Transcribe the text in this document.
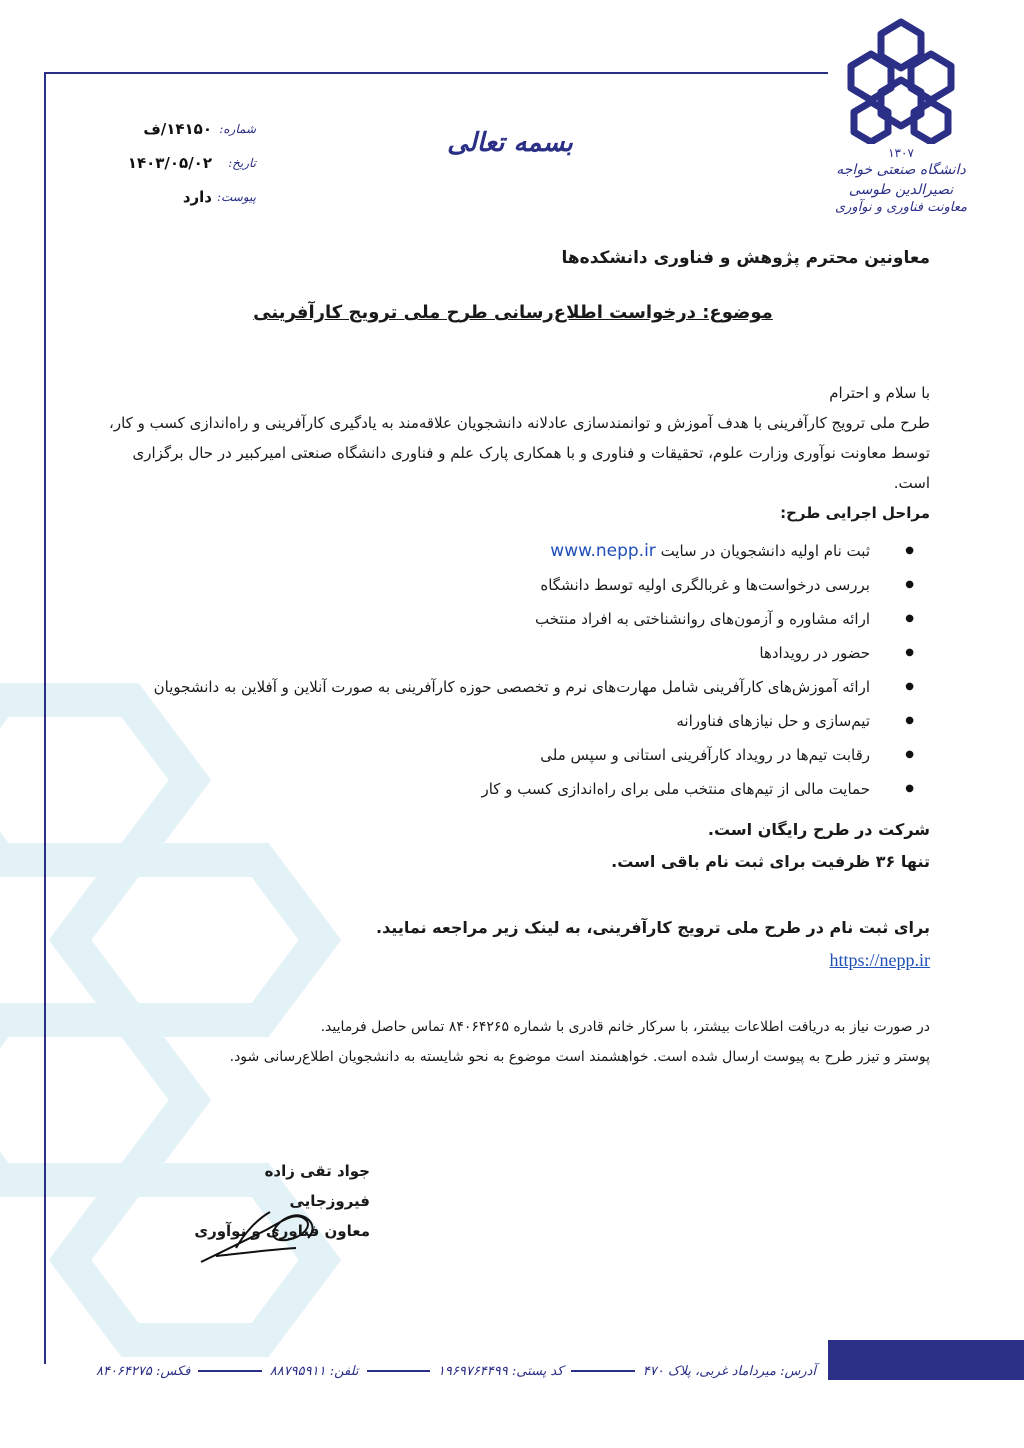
۱۳۰۷
دانشگاه صنعتی خواجه نصیرالدین طوسی
معاونت فناوری و نوآوری
بسمه تعالی
شماره:
۱۴۱۵۰/ف
تاریخ:
۱۴۰۳/۰۵/۰۲
پیوست:
دارد
معاونین محترم پژوهش و فناوری دانشکده‌ها
موضوع: درخواست اطلاع‌رسانی طرح ملی ترویج کارآفرینی

با سلام و احترام

طرح ملی ترویج کارآفرینی با هدف آموزش و توانمندسازی عادلانه دانشجویان علاقه‌مند به یادگیری کارآفرینی و راه‌اندازی کسب و کار،

توسط معاونت نوآوری وزارت علوم، تحقیقات و فناوری و با همکاری پارک علم و فناوری دانشگاه صنعتی امیرکبیر در حال برگزاری است.

مراحل اجرایی طرح:

● ثبت نام اولیه دانشجویان در سایت www.nepp.ir
● بررسی درخواست‌ها و غربالگری اولیه توسط دانشگاه
● ارائه مشاوره و آزمون‌های روانشناختی به افراد منتخب
● حضور در رویدادها
● ارائه آموزش‌های کارآفرینی شامل مهارت‌های نرم و تخصصی حوزه کارآفرینی به صورت آنلاین و آفلاین به دانشجویان
● تیم‌سازی و حل نیازهای فناورانه
● رقابت تیم‌ها در رویداد کارآفرینی استانی و سپس ملی
● حمایت مالی از تیم‌های منتخب ملی برای راه‌اندازی کسب و کار
شرکت در طرح رایگان است.
تنها ۳۶ ظرفیت برای ثبت نام باقی است.
برای ثبت نام در طرح ملی ترویج کارآفرینی، به لینک زیر مراجعه نمایید.
https://nepp.ir

در صورت نیاز به دریافت اطلاعات بیشتر، با سرکار خانم قادری با شماره ۸۴۰۶۴۲۶۵ تماس حاصل فرمایید.

پوستر و تیزر طرح به پیوست ارسال شده است. خواهشمند است موضوع به نحو شایسته به دانشجویان اطلاع‌رسانی شود.

جواد تقی زاده فیروزجایی
معاون فناوری و نوآوری
آدرس: میرداماد غربی، پلاک ۴۷۰
کد پستی: ۱۹۶۹۷۶۴۴۹۹
تلفن: ۸۸۷۹۵۹۱۱
فکس: ۸۴۰۶۴۲۷۵
